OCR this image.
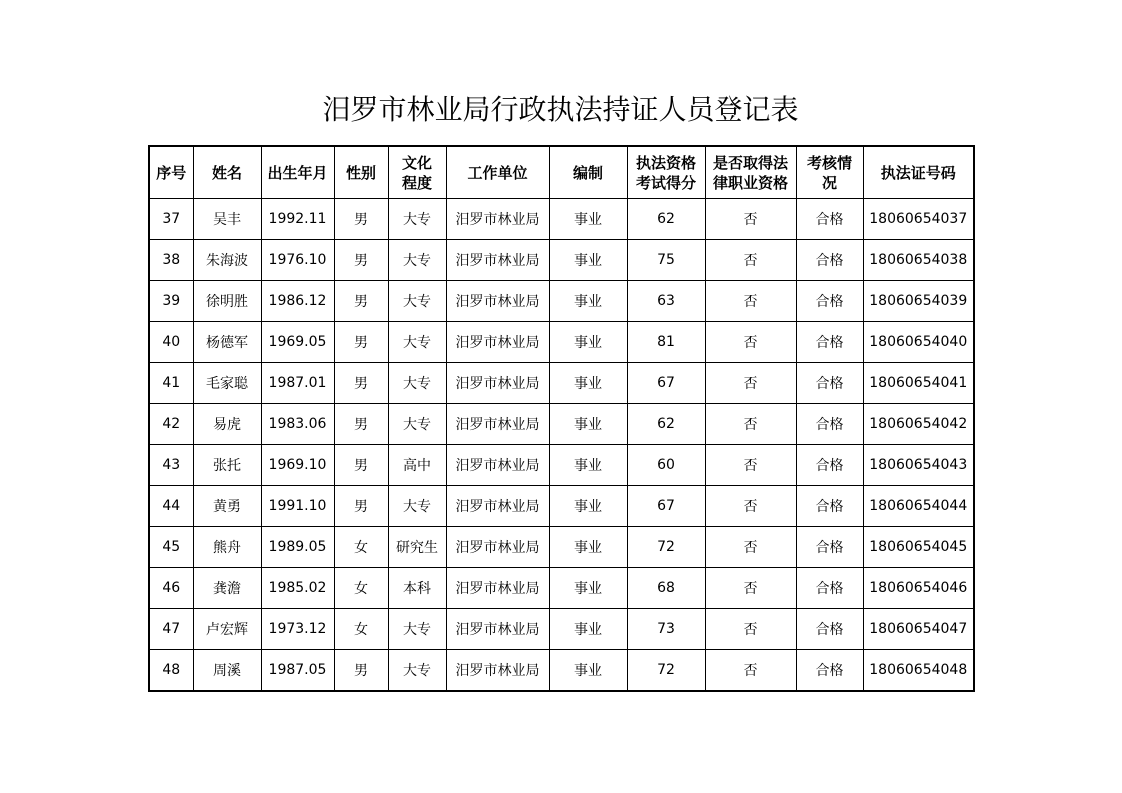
汨罗市林业局行政执法持证人员登记表
序号	姓名	出生年月	性别	文化程度	工作单位	编制	执法资格考试得分	是否取得法律职业资格	考核情况	执法证号码
37	吴丰	1992.11	男	大专	汨罗市林业局	事业	62	否	合格	18060654037
38	朱海波	1976.10	男	大专	汨罗市林业局	事业	75	否	合格	18060654038
39	徐明胜	1986.12	男	大专	汨罗市林业局	事业	63	否	合格	18060654039
40	杨德军	1969.05	男	大专	汨罗市林业局	事业	81	否	合格	18060654040
41	毛家聪	1987.01	男	大专	汨罗市林业局	事业	67	否	合格	18060654041
42	易虎	1983.06	男	大专	汨罗市林业局	事业	62	否	合格	18060654042
43	张托	1969.10	男	高中	汨罗市林业局	事业	60	否	合格	18060654043
44	黄勇	1991.10	男	大专	汨罗市林业局	事业	67	否	合格	18060654044
45	熊舟	1989.05	女	研究生	汨罗市林业局	事业	72	否	合格	18060654045
46	龚澹	1985.02	女	本科	汨罗市林业局	事业	68	否	合格	18060654046
47	卢宏辉	1973.12	女	大专	汨罗市林业局	事业	73	否	合格	18060654047
48	周溪	1987.05	男	大专	汨罗市林业局	事业	72	否	合格	18060654048
